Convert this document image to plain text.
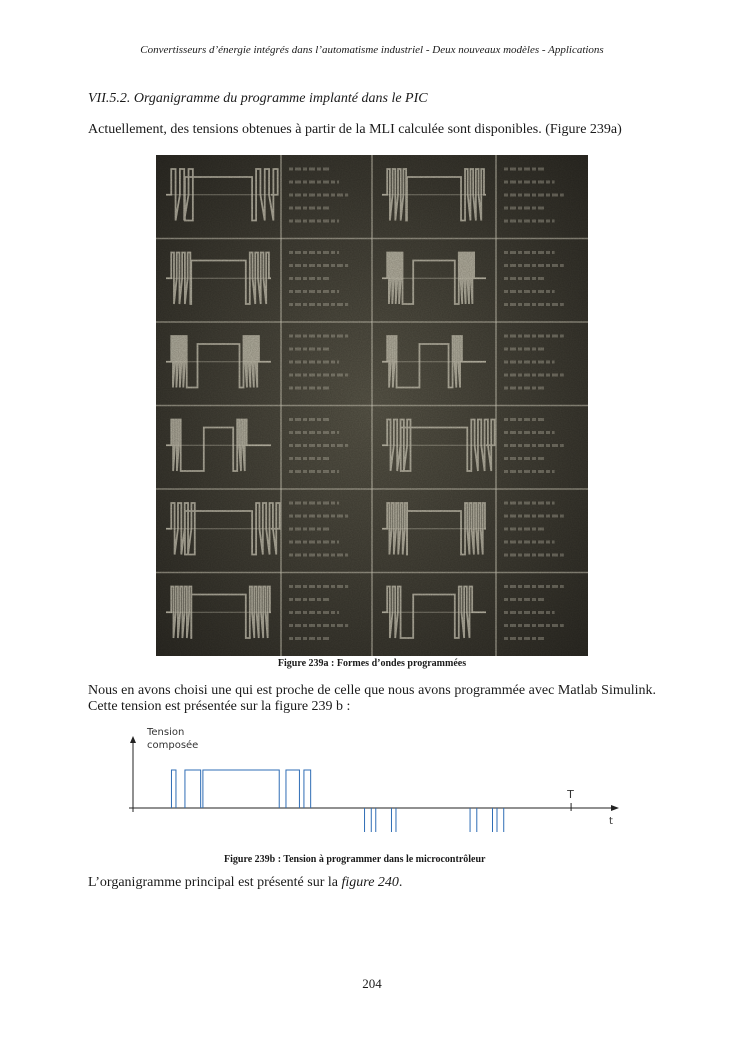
Convertisseurs d’énergie intégrés dans l’automatisme industriel - Deux nouveaux modèles - Applications
VII.5.2. Organigramme du programme implanté dans le PIC
Actuellement, des tensions obtenues à partir de la MLI calculée sont disponibles. (Figure 239a)
Figure 239a : Formes d’ondes programmées
Nous en avons choisi une qui est proche de celle que nous avons programmée avec Matlab Simulink. Cette tension est présentée sur la figure 239 b :
Tension
composée
T
t
Figure 239b : Tension à programmer dans le microcontrôleur
L’organigramme principal est présenté sur la figure 240.
204
